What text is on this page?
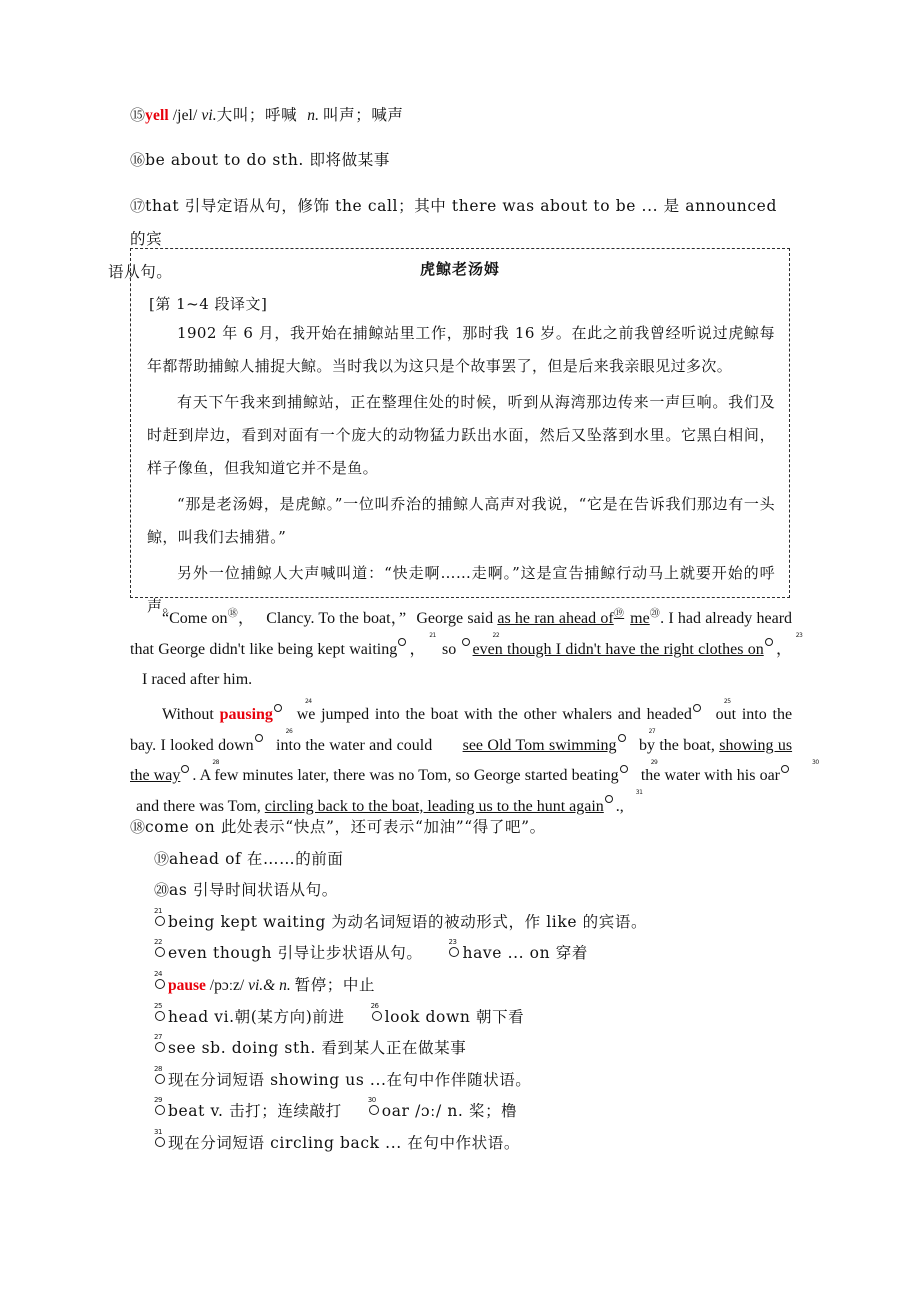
⑮yell /jel/ vi.大叫；呼喊 n. 叫声；喊声
⑯be about to do sth. 即将做某事
⑰that 引导定语从句，修饰 the call；其中 there was about to be ... 是 announced 的宾
语从句。	虎鲸老汤姆
[第 1~4 段译文]
1902 年 6 月，我开始在捕鲸站里工作，那时我 16 岁。在此之前我曾经听说过虎鲸每年都帮助捕鲸人捕捉大鲸。当时我以为这只是个故事罢了，但是后来我亲眼见过多次。
有天下午我来到捕鲸站，正在整理住处的时候，听到从海湾那边传来一声巨响。我们及时赶到岸边，看到对面有一个庞大的动物猛力跃出水面，然后又坠落到水里。它黑白相间，样子像鱼，但我知道它并不是鱼。
“那是老汤姆，是虎鲸。”一位叫乔治的捕鲸人高声对我说，“它是在告诉我们那边有一头鲸，叫我们去捕猎。”
另外一位捕鲸人大声喊叫道：“快走啊……走啊。”这是宣告捕鲸行动马上就要开始的呼声。

“Come on⑱， Clancy. To the boat，” George said as he ran ahead of⑲ me⑳. I had already heard that George didn't like being kept waiting
$^{21}$
， so
$^{22}$
even though I didn't have the right clothes on
$^{23}$
， I raced after him.

Without pausing
$^{24}$
we jumped into the boat with the other whalers and headed
$^{25}$
out into the bay. I looked down
$^{26}$
into the water and could see Old Tom swimming
$^{27}$
by the boat, showing us the way
$^{28}$
. A few minutes later, there was no Tom, so George started beating
$^{29}$
the water with his oar
$^{30}$
and there was Tom, circling back to the boat, leading us to the hunt again
$^{31}$
.,

⑱come on 此处表示“快点”，还可表示“加油”“得了吧”。
⑲ahead of 在……的前面
⑳as 引导时间状语从句。
21
being kept waiting 为动名词短语的被动形式，作 like 的宾语。
22
even though 引导让步状语从句。
23
have ... on 穿着
24
pause /pɔːz/ vi.& n. 暂停；中止
25
head vi.朝(某方向)前进
26
look down 朝下看
27
see sb. doing sth. 看到某人正在做某事
28
现在分词短语 showing us ...在句中作伴随状语。
29
beat v. 击打；连续敲打
30
oar /ɔː/ n. 桨；橹
31
现在分词短语 circling back ... 在句中作状语。
